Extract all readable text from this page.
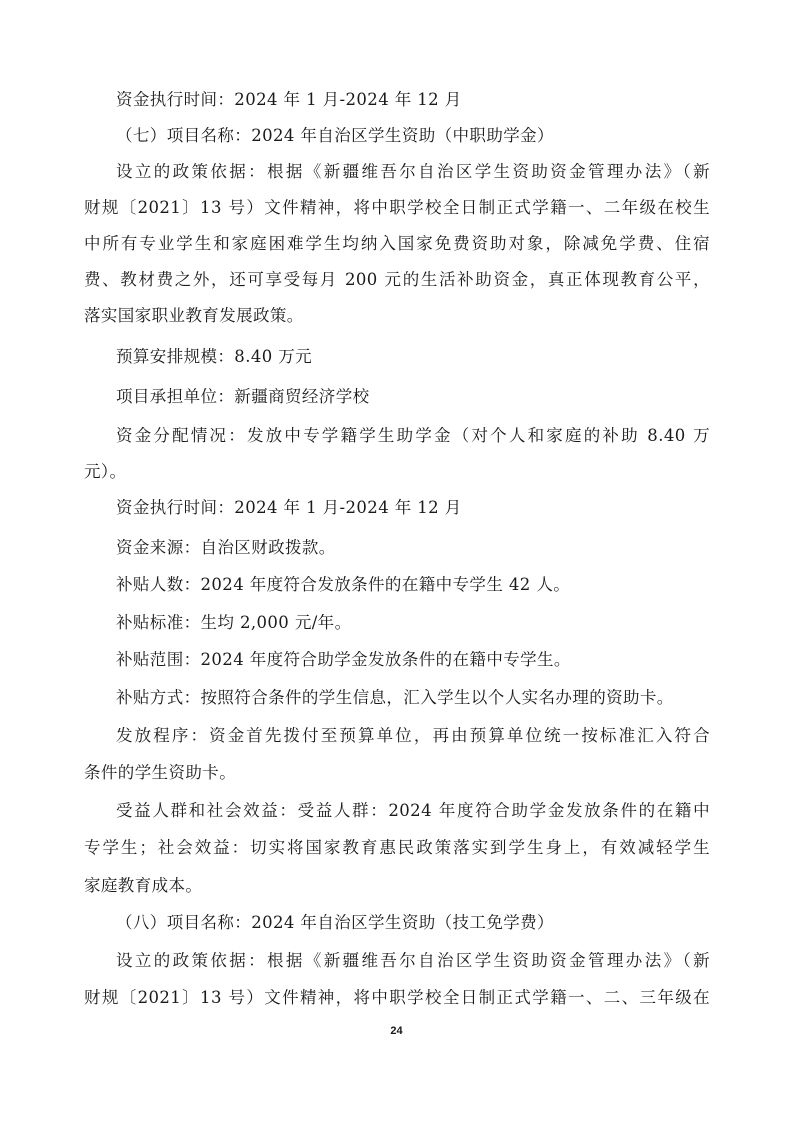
资金执行时间：2024 年 1 月-2024 年 12 月
（七）项目名称：2024 年自治区学生资助（中职助学金）
设立的政策依据：根据《新疆维吾尔自治区学生资助资金管理办法》（新
财规〔2021〕13 号）文件精神，将中职学校全日制正式学籍一、二年级在校生
中所有专业学生和家庭困难学生均纳入国家免费资助对象，除减免学费、住宿
费、教材费之外，还可享受每月 200 元的生活补助资金，真正体现教育公平，
落实国家职业教育发展政策。
预算安排规模：8.40 万元
项目承担单位：新疆商贸经济学校
资金分配情况：发放中专学籍学生助学金（对个人和家庭的补助 8.40 万
元）。
资金执行时间：2024 年 1 月-2024 年 12 月
资金来源：自治区财政拨款。
补贴人数：2024 年度符合发放条件的在籍中专学生 42 人。
补贴标准：生均 2,000 元/年。
补贴范围：2024 年度符合助学金发放条件的在籍中专学生。
补贴方式：按照符合条件的学生信息，汇入学生以个人实名办理的资助卡。
发放程序：资金首先拨付至预算单位，再由预算单位统一按标准汇入符合
条件的学生资助卡。
受益人群和社会效益：受益人群：2024 年度符合助学金发放条件的在籍中
专学生；社会效益：切实将国家教育惠民政策落实到学生身上，有效减轻学生
家庭教育成本。
（八）项目名称：2024 年自治区学生资助（技工免学费）
设立的政策依据：根据《新疆维吾尔自治区学生资助资金管理办法》（新
财规〔2021〕13 号）文件精神，将中职学校全日制正式学籍一、二、三年级在
24
